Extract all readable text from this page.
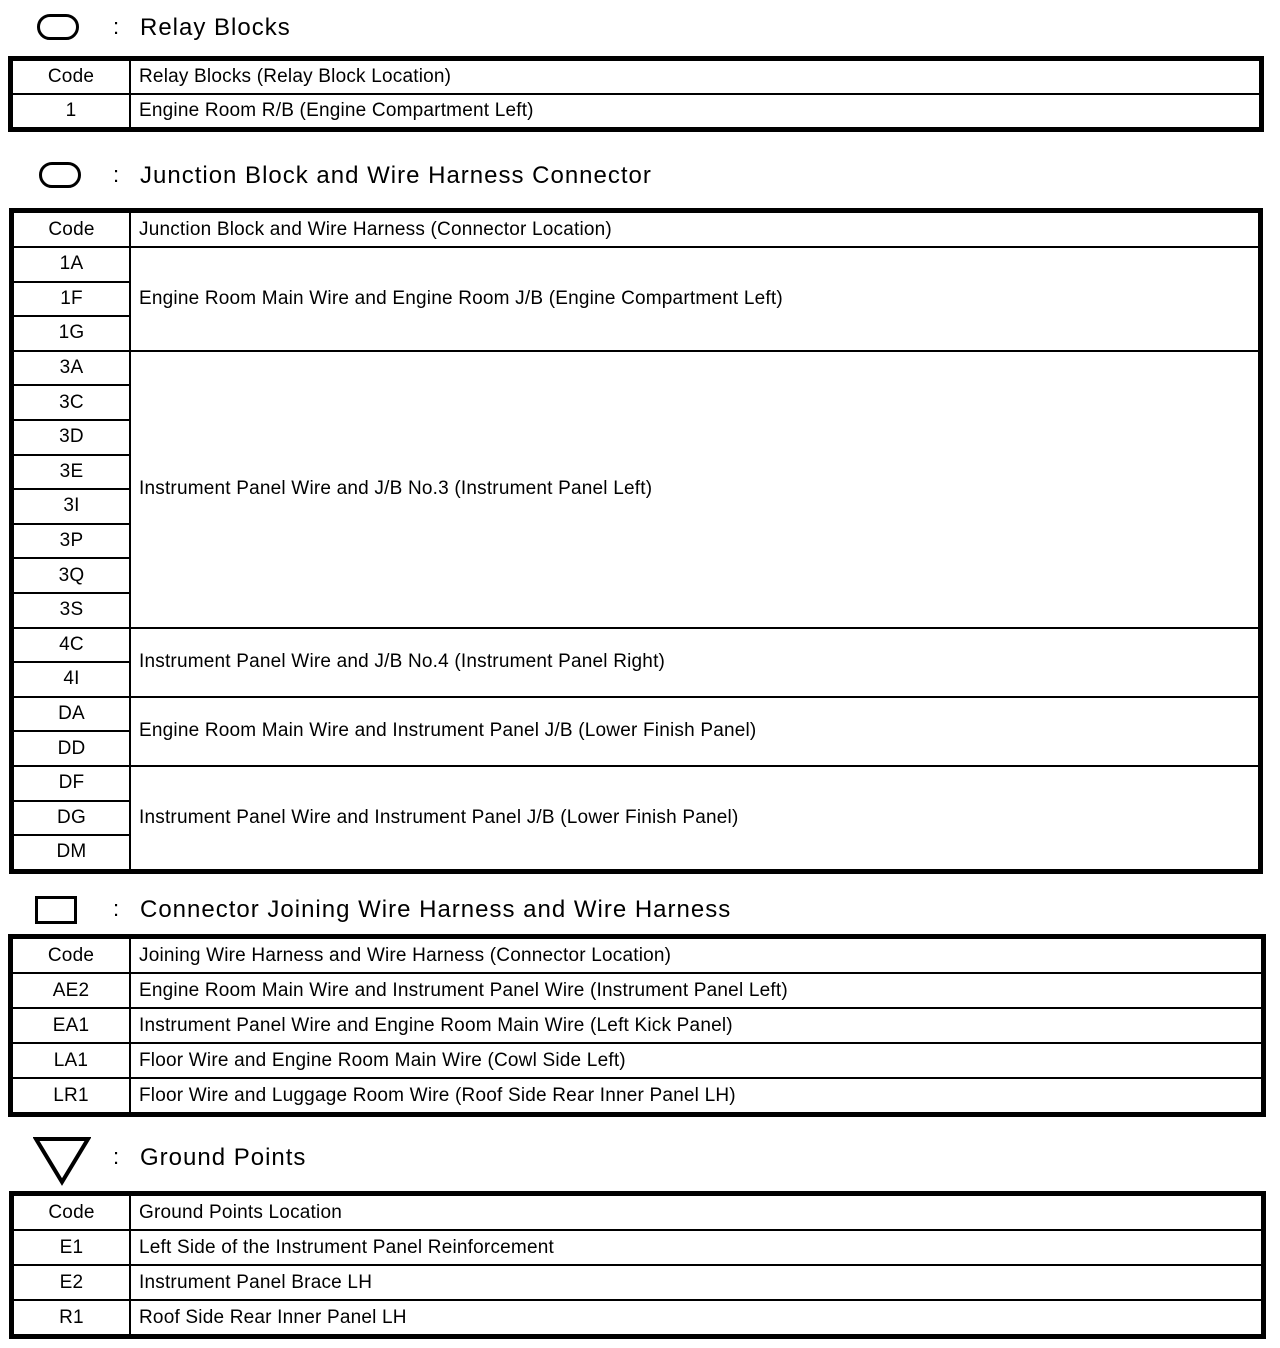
: Relay Blocks
Code	Relay Blocks (Relay Block Location)
1	Engine Room R/B (Engine Compartment Left)
: Junction Block and Wire Harness Connector
Code	Junction Block and Wire Harness (Connector Location)
1A	Engine Room Main Wire and Engine Room J/B (Engine Compartment Left)
1F	
1G	
3A	Instrument Panel Wire and J/B No.3 (Instrument Panel Left)
3C	
3D	
3E	
3I	
3P	
3Q	
3S	
4C	Instrument Panel Wire and J/B No.4 (Instrument Panel Right)
4I	
DA	Engine Room Main Wire and Instrument Panel J/B (Lower Finish Panel)
DD	
DF	Instrument Panel Wire and Instrument Panel J/B (Lower Finish Panel)
DG	
DM	
: Connector Joining Wire Harness and Wire Harness
Code	Joining Wire Harness and Wire Harness (Connector Location)
AE2	Engine Room Main Wire and Instrument Panel Wire (Instrument Panel Left)
EA1	Instrument Panel Wire and Engine Room Main Wire (Left Kick Panel)
LA1	Floor Wire and Engine Room Main Wire (Cowl Side Left)
LR1	Floor Wire and Luggage Room Wire (Roof Side Rear Inner Panel LH)
: Ground Points
Code	Ground Points Location
E1	Left Side of the Instrument Panel Reinforcement
E2	Instrument Panel Brace LH
R1	Roof Side Rear Inner Panel LH
